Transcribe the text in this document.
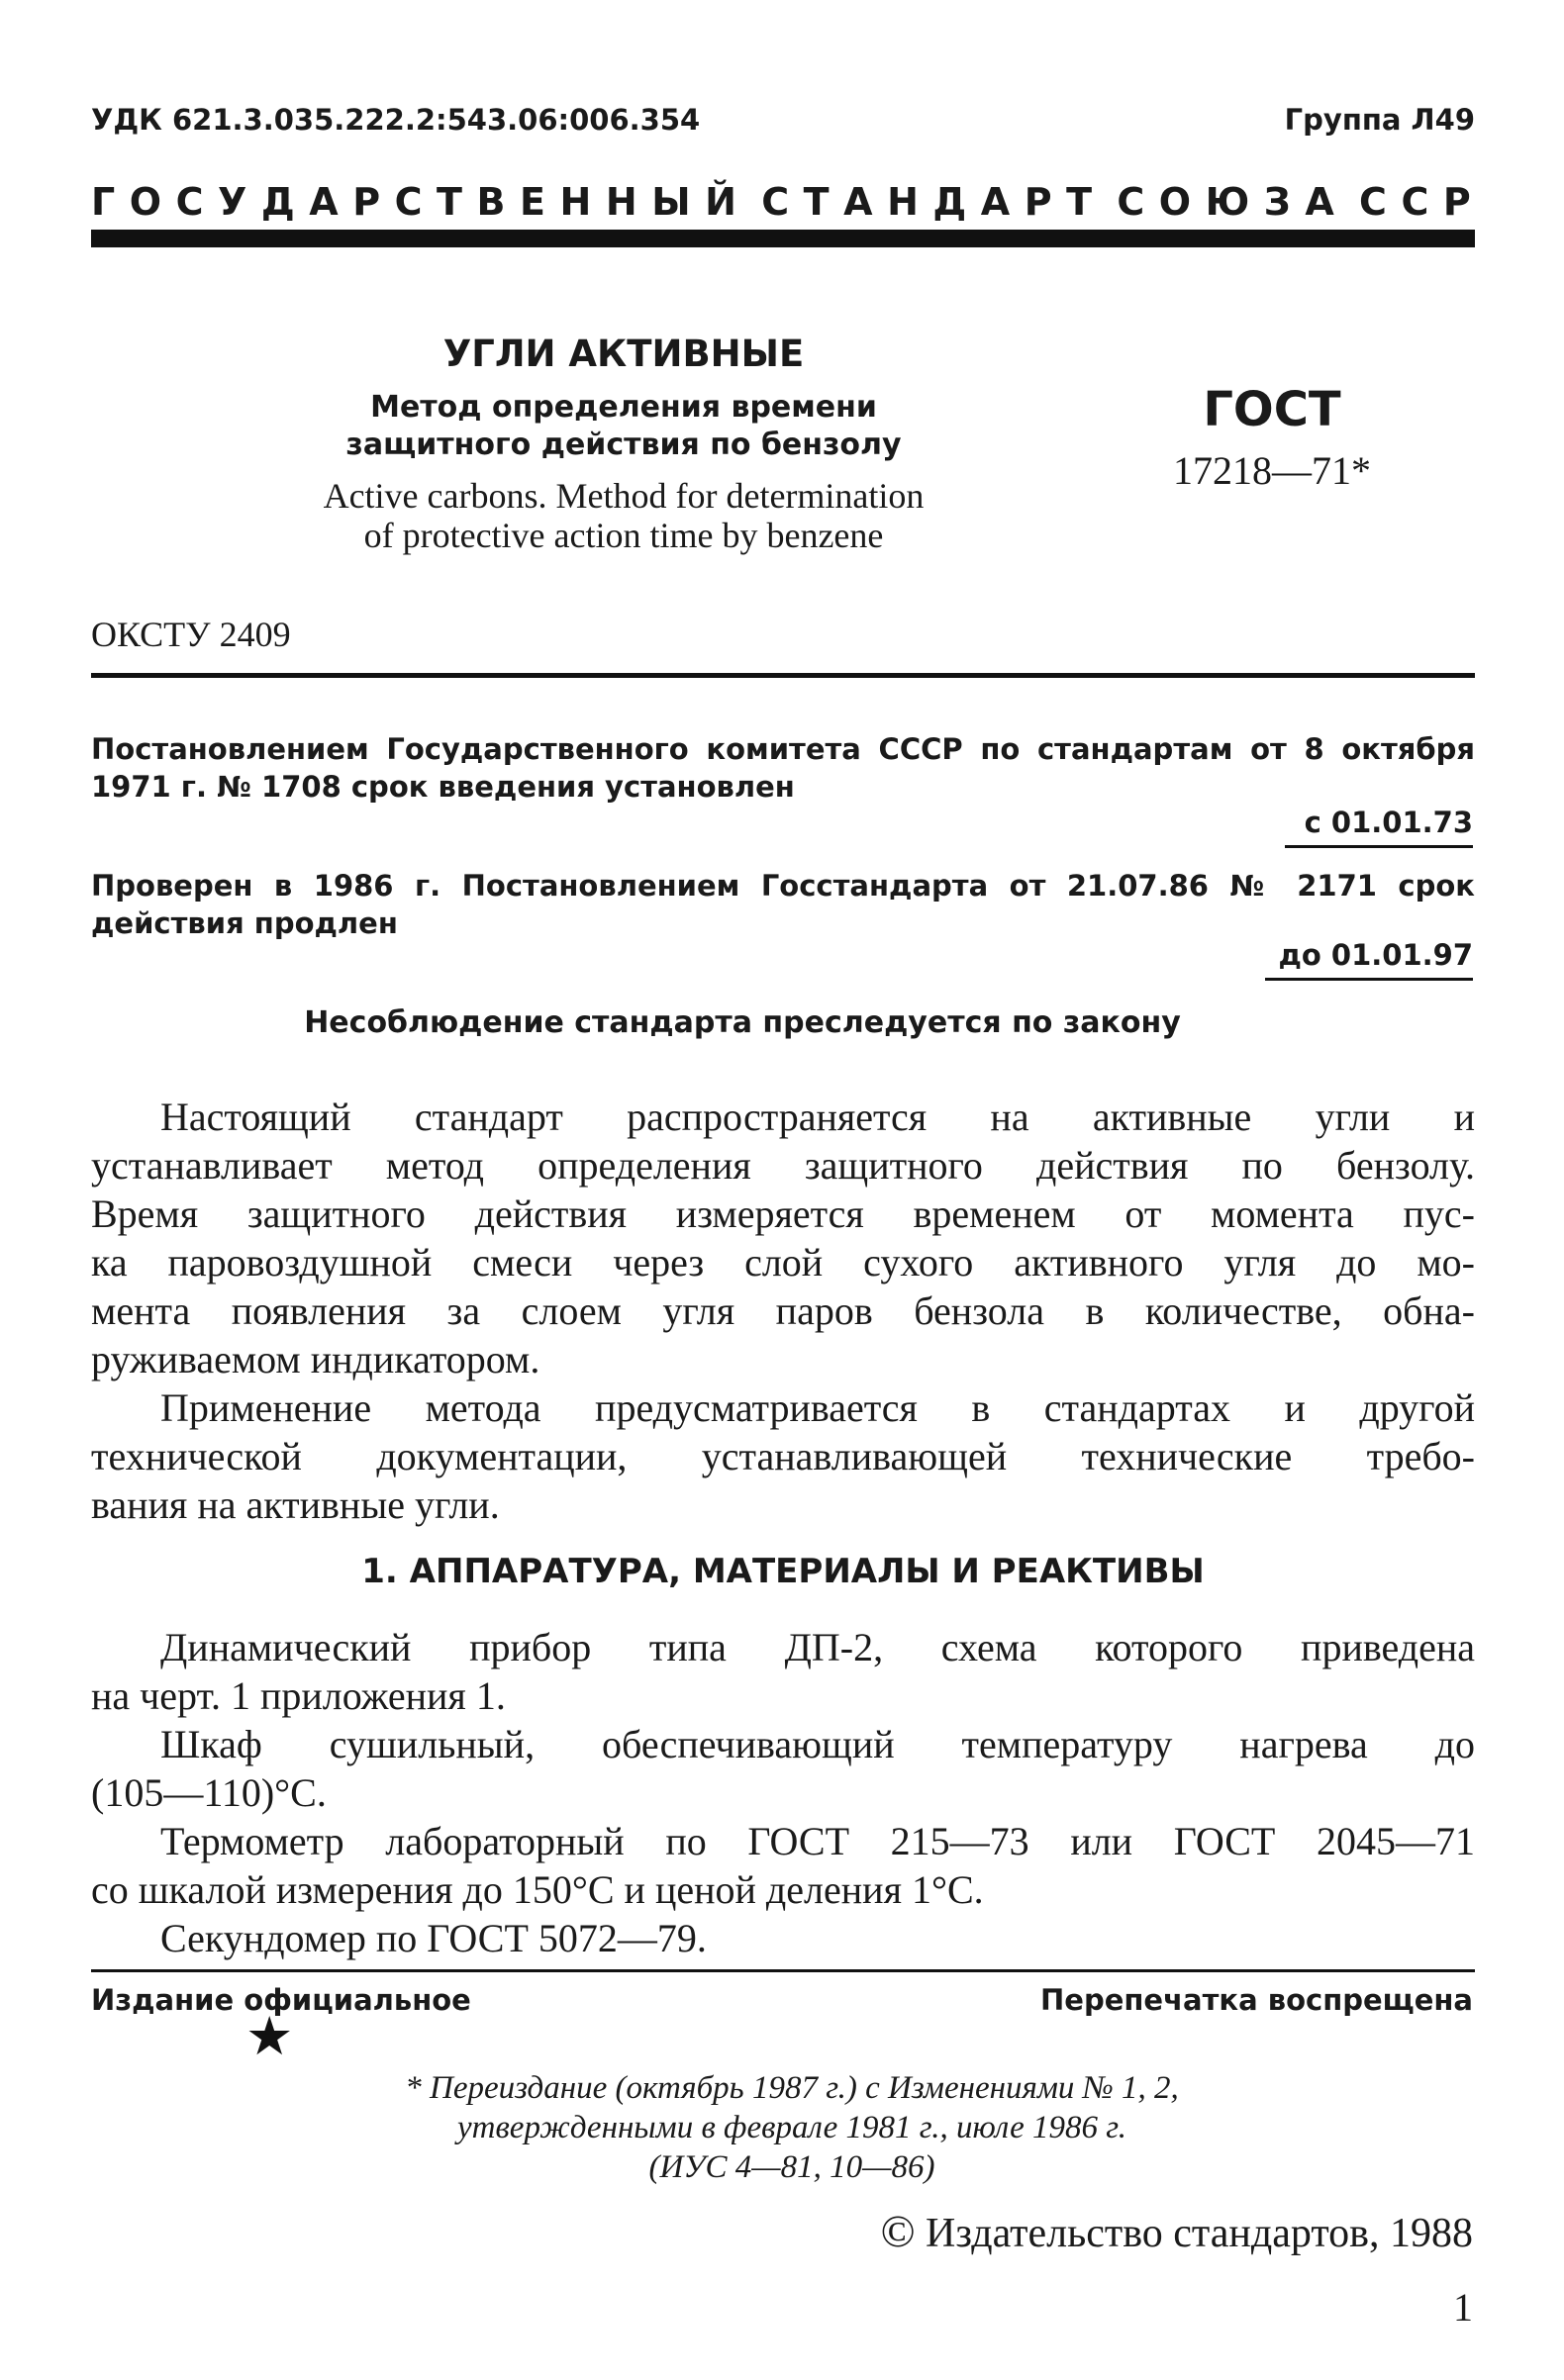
УДК 621.3.035.222.2:543.06:006.354	Группа Л49
Г О С У Д А Р С Т В Е Н Н Ы Й С Т А Н Д А Р Т С О Ю З А С С Р
УГЛИ АКТИВНЫЕ
Метод определения времени
защитного действия по бензолу
Active carbons. Method for determination
of protective action time by benzene
ГОСТ
17218—71*
ОКСТУ 2409
Постановлением Государственного комитета СССР по стандартам от 8 октября
1971 г. № 1708 срок введения установлен
с 01.01.73
Проверен в 1986 г. Постановлением Госстандарта от 21.07.86 № 2171 срок
действия продлен
до 01.01.97
Несоблюдение стандарта преследуется по закону
Настоящий стандарт распространяется на активные угли и
устанавливает метод определения защитного действия по бензолу.
Время защитного действия измеряется временем от момента пус-
ка паровоздушной смеси через слой сухого активного угля до мо-
мента появления за слоем угля паров бензола в количестве, обна-
руживаемом индикатором.
Применение метода предусматривается в стандартах и другой
технической документации, устанавливающей технические требо-
вания на активные угли.
1. АППАРАТУРА, МАТЕРИАЛЫ И РЕАКТИВЫ
Динамический прибор типа ДП-2, схема которого приведена
на черт. 1 приложения 1.
Шкаф сушильный, обеспечивающий температуру нагрева до
(105—110)°С.
Термометр лабораторный по ГОСТ 215—73 или ГОСТ 2045—71
со шкалой измерения до 150°С и ценой деления 1°С.
Секундомер по ГОСТ 5072—79.
Издание официальное	Перепечатка воспрещена
★
* Переиздание (октябрь 1987 г.) с Изменениями № 1, 2,
утвержденными в феврале 1981 г., июле 1986 г.
(ИУС 4—81, 10—86)
© Издательство стандартов, 1988
1
